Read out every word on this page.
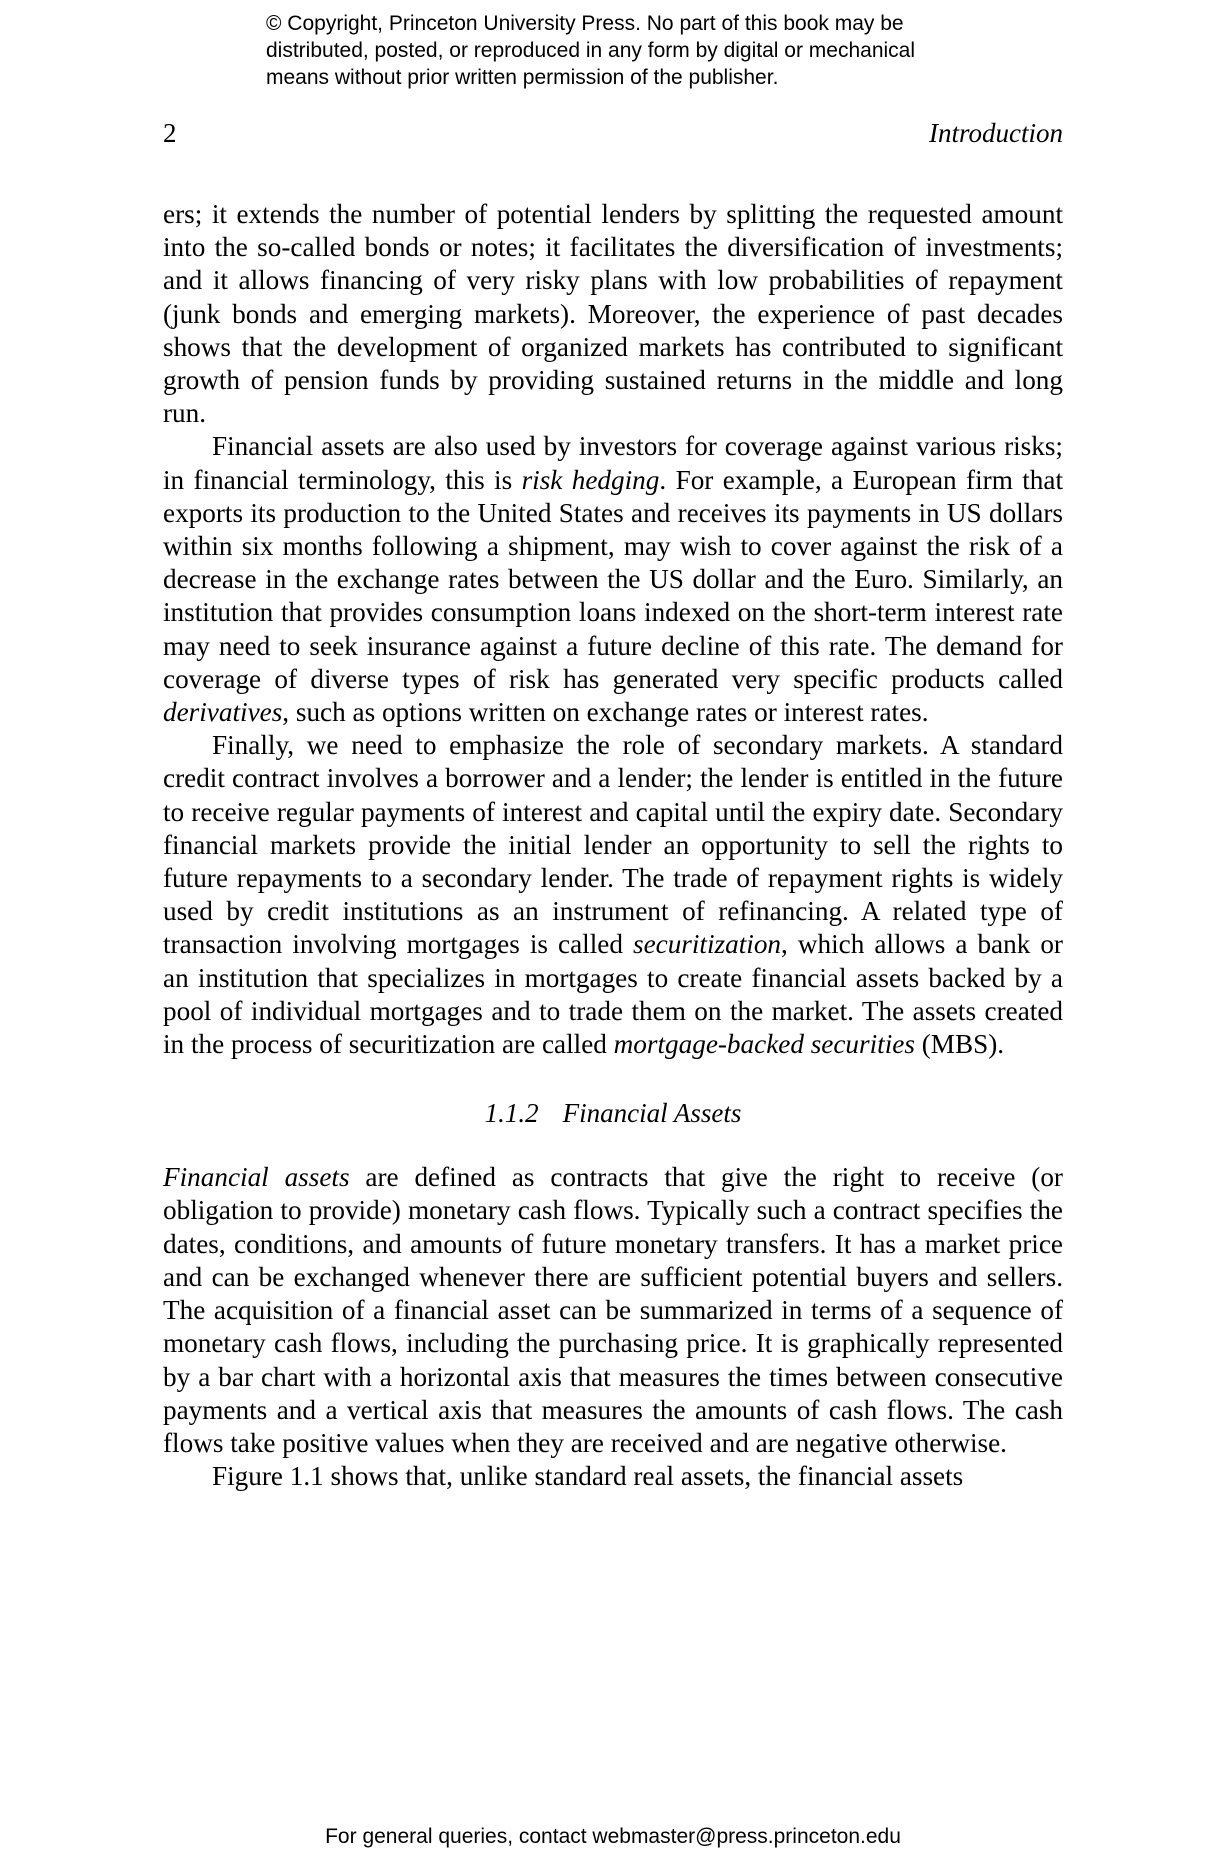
© Copyright, Princeton University Press. No part of this book may be
distributed, posted, or reproduced in any form by digital or mechanical
means without prior written permission of the publisher.
2	Introduction

ers; it extends the number of potential lenders by splitting the requested amount into the so-called bonds or notes; it facilitates the diversification of investments; and it allows financing of very risky plans with low probabilities of repayment (junk bonds and emerging markets). Moreover, the experience of past decades shows that the development of organized markets has contributed to significant growth of pension funds by providing sustained returns in the middle and long run.

Financial assets are also used by investors for coverage against various risks; in financial terminology, this is risk hedging. For example, a European firm that exports its production to the United States and receives its payments in US dollars within six months following a shipment, may wish to cover against the risk of a decrease in the exchange rates between the US dollar and the Euro. Similarly, an institution that provides consumption loans indexed on the short-term interest rate may need to seek insurance against a future decline of this rate. The demand for coverage of diverse types of risk has generated very specific products called derivatives, such as options written on exchange rates or interest rates.

Finally, we need to emphasize the role of secondary markets. A standard credit contract involves a borrower and a lender; the lender is entitled in the future to receive regular payments of interest and capital until the expiry date. Secondary financial markets provide the initial lender an opportunity to sell the rights to future repayments to a secondary lender. The trade of repayment rights is widely used by credit institutions as an instrument of refinancing. A related type of transaction involving mortgages is called securitization, which allows a bank or an institution that specializes in mortgages to create financial assets backed by a pool of individual mortgages and to trade them on the market. The assets created in the process of securitization are called mortgage-backed securities (MBS).

1.1.2 Financial Assets

Financial assets are defined as contracts that give the right to receive (or obligation to provide) monetary cash flows. Typically such a contract specifies the dates, conditions, and amounts of future monetary transfers. It has a market price and can be exchanged whenever there are sufficient potential buyers and sellers. The acquisition of a financial asset can be summarized in terms of a sequence of monetary cash flows, including the purchasing price. It is graphically represented by a bar chart with a horizontal axis that measures the times between consecutive payments and a vertical axis that measures the amounts of cash flows. The cash flows take positive values when they are received and are negative otherwise.

Figure 1.1 shows that, unlike standard real assets, the financial assets

For general queries, contact webmaster@press.princeton.edu
